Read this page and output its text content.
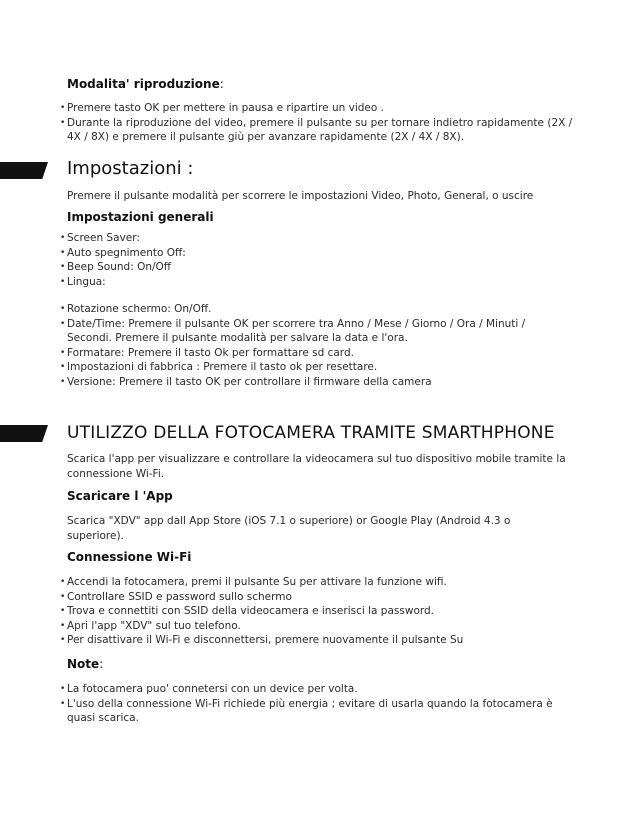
Modalita' riproduzione:
• Premere tasto OK per mettere in pausa e ripartire un video .
• Durante la riproduzione del video, premere il pulsante su per tornare indietro rapidamente (2X / 4X / 8X) e premere il pulsante giù per avanzare rapidamente (2X / 4X / 8X).
Impostazioni :

Premere il pulsante modalità per scorrere le impostazioni Video, Photo, General, o uscire

Impostazioni generali
• Screen Saver:
• Auto spegnimento Off:
• Beep Sound: On/Off
• Lingua:
• Rotazione schermo: On/Off.
• Date/Time: Premere il pulsante OK per scorrere tra Anno / Mese / Giorno / Ora / Minuti / Secondi. Premere il pulsante modalità per salvare la data e l'ora.
• Formatare: Premere il tasto Ok per formattare sd card.
• Impostazioni di fabbrica : Premere il tasto ok per resettare.
• Versione: Premere il tasto OK per controllare il firmware della camera
UTILIZZO DELLA FOTOCAMERA TRAMITE SMARTHPHONE

Scarica l'app per visualizzare e controllare la videocamera sul tuo dispositivo mobile tramite la connessione Wi-Fi.

Scaricare l 'App

Scarica "XDV" app dall App Store (iOS 7.1 o superiore) or Google Play (Android 4.3 o superiore).

Connessione Wi-Fi
• Accendi la fotocamera, premi il pulsante Su per attivare la funzione wifi.
• Controllare SSID e password sullo schermo
• Trova e connettiti con SSID della videocamera e inserisci la password.
• Apri l'app "XDV" sul tuo telefono.
• Per disattivare il Wi-Fi e disconnettersi, premere nuovamente il pulsante Su
Note:
• La fotocamera puo' connetersi con un device per volta.
• L'uso della connessione Wi-Fi richiede più energia ; evitare di usarla quando la fotocamera è quasi scarica.
